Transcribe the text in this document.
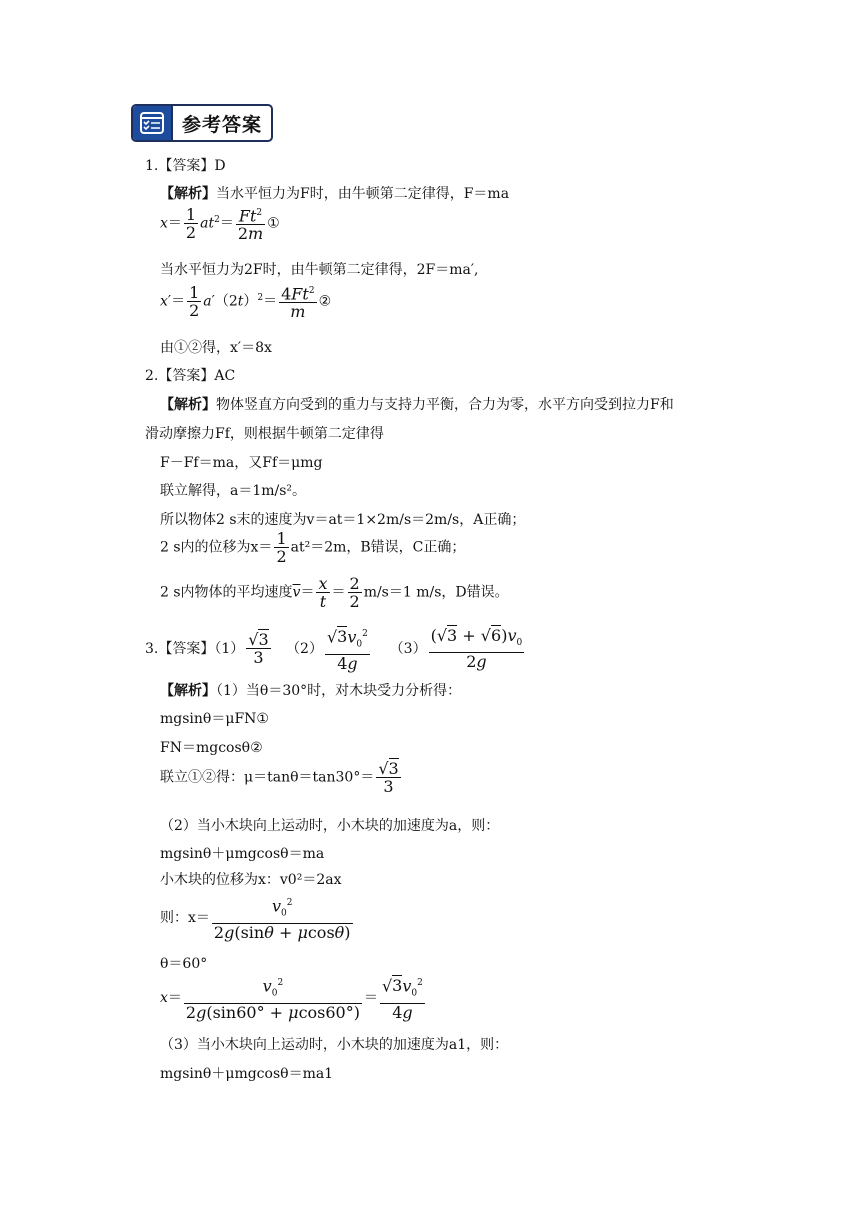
参考答案
1.【答案】D
【解析】当水平恒力为F时，由牛顿第二定律得，F＝ma
$x= \frac{1}{2} at^2= \frac{Ft^2}{2m}$ ①
当水平恒力为2F时，由牛顿第二定律得，2F＝ma′,
$x'= \frac{1}{2} a'(2t)^2= \frac{4Ft^2}{m}$ ②
由①②得，x′＝8x
2.【答案】AC
【解析】物体竖直方向受到的重力与支持力平衡，合力为零，水平方向受到拉力F和
滑动摩擦力Ff，则根据牛顿第二定律得
F－Ff＝ma，又Ff＝μmg
联立解得，a＝1m/s²。
所以物体2 s末的速度为v＝at＝1×2m/s＝2m/s，A正确；
2 s内的位移为$x= \frac{1}{2} at^2=2m$，B错误，C正确；
2 s内物体的平均速度$\overline{v}= \frac{x}{t} = \frac{2}{2} m/s=1$ m/s，D错误。
3.【答案】$(1) \frac{√3}{3} (2) \frac{√3v_0^2}{4g} (3) \frac{(√3 + √6)v_0}{2g}$
【解析】（1）当θ＝30°时，对木块受力分析得：
mgsinθ＝μFN①
FN＝mgcosθ②
联立①②得：$\mu=\tan\theta=\tan 30^\circ= \frac{√3}{3}$
（2）当小木块向上运动时，小木块的加速度为a，则：
mgsinθ＋μmgcosθ＝ma
小木块的位移为x：v0²＝2ax
则：$x= \frac{v_0^2}{2g(\sin\theta + \mu\cos\theta)}$
θ＝60°
$x= \frac{v_0^2}{2g(\sin 60^\circ + \mu\cos 60^\circ)} = \frac{√3v_0^2}{4g}$
（3）当小木块向上运动时，小木块的加速度为a1，则：
mgsinθ＋μmgcosθ＝ma1
